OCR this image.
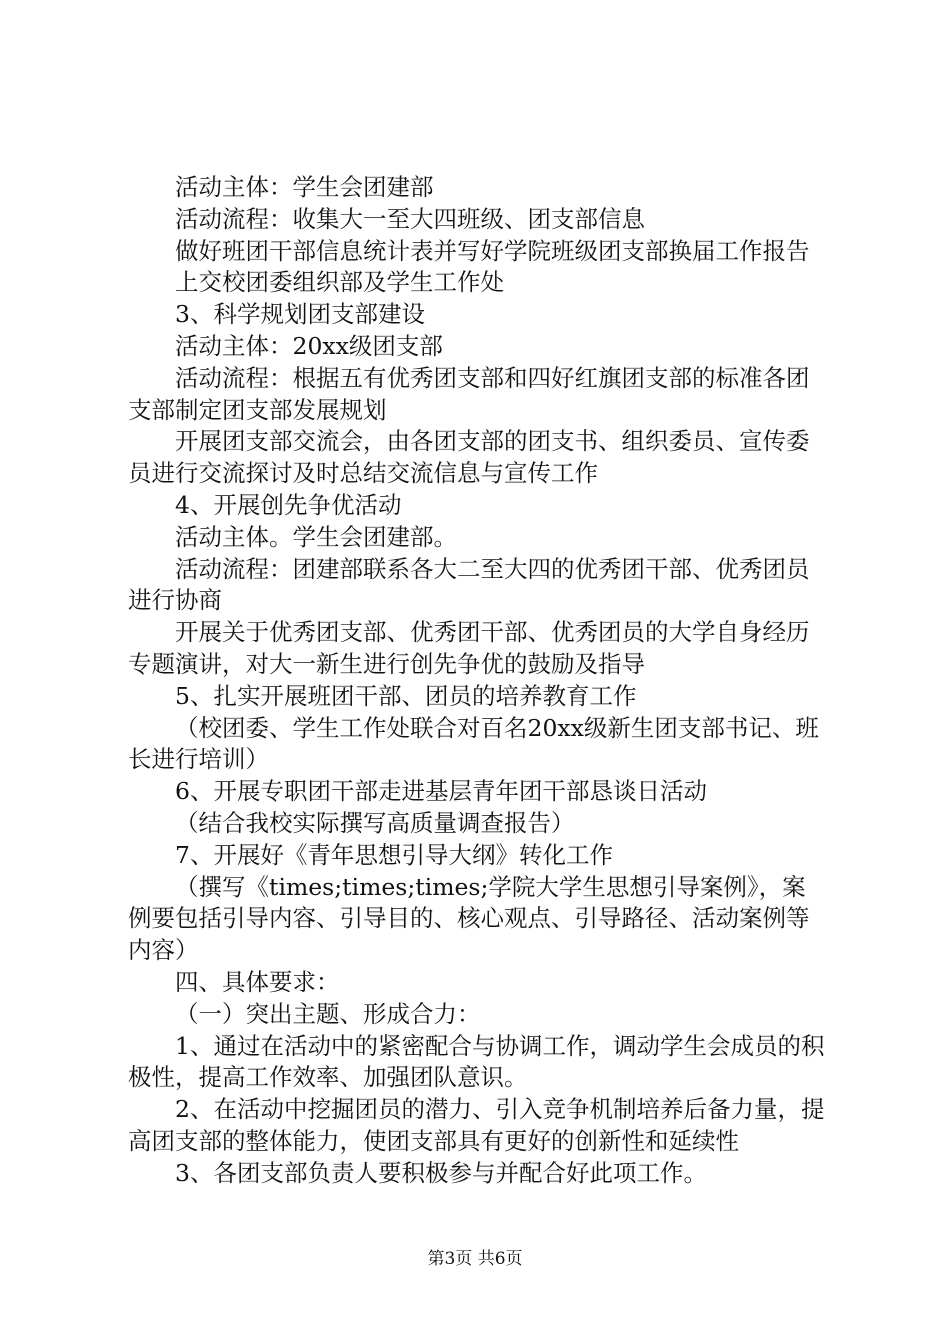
活动主体：学生会团建部

活动流程：收集大一至大四班级、团支部信息

做好班团干部信息统计表并写好学院班级团支部换届工作报告

上交校团委组织部及学生工作处

3、科学规划团支部建设

活动主体：20xx级团支部

活动流程：根据五有优秀团支部和四好红旗团支部的标准各团支部制定团支部发展规划

开展团支部交流会，由各团支部的团支书、组织委员、宣传委员进行交流探讨及时总结交流信息与宣传工作

4、开展创先争优活动

活动主体。学生会团建部。

活动流程：团建部联系各大二至大四的优秀团干部、优秀团员进行协商

开展关于优秀团支部、优秀团干部、优秀团员的大学自身经历专题演讲，对大一新生进行创先争优的鼓励及指导

5、扎实开展班团干部、团员的培养教育工作

（校团委、学生工作处联合对百名20xx级新生团支部书记、班长进行培训）

6、开展专职团干部走进基层青年团干部恳谈日活动

（结合我校实际撰写高质量调查报告）

7、开展好《青年思想引导大纲》转化工作

（撰写《times;times;times;学院大学生思想引导案例》，案例要包括引导内容、引导目的、核心观点、引导路径、活动案例等内容）

四、具体要求：

（一）突出主题、形成合力：

1、通过在活动中的紧密配合与协调工作，调动学生会成员的积极性，提高工作效率、加强团队意识。

2、在活动中挖掘团员的潜力、引入竞争机制培养后备力量，提高团支部的整体能力，使团支部具有更好的创新性和延续性

3、各团支部负责人要积极参与并配合好此项工作。

第3页 共6页
